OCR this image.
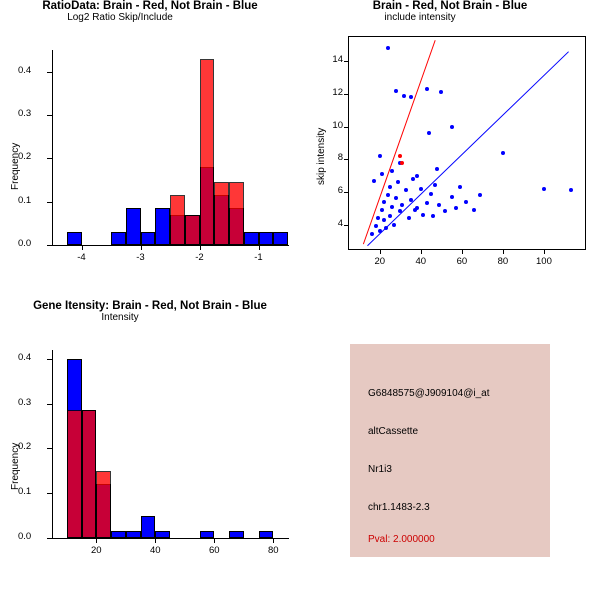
RatioData: Brain - Red, Not Brain - Blue
Frequency
Log2 Ratio Skip/Include
0.0
0.1
0.2
0.3
0.4
-4	-3	-2	-1
Brain - Red, Not Brain - Blue
skip intensity
include intensity
4
6
8
10
12
14
20	40	60	80	100
Gene Itensity: Brain - Red, Not Brain - Blue
Frequency
Intensity
0.0
0.1
0.2
0.3
0.4
20	40	60	80
G6848575@J909104@i_at
altCassette
Nr1i3
chr1.1483-2.3
Pval: 2.000000
